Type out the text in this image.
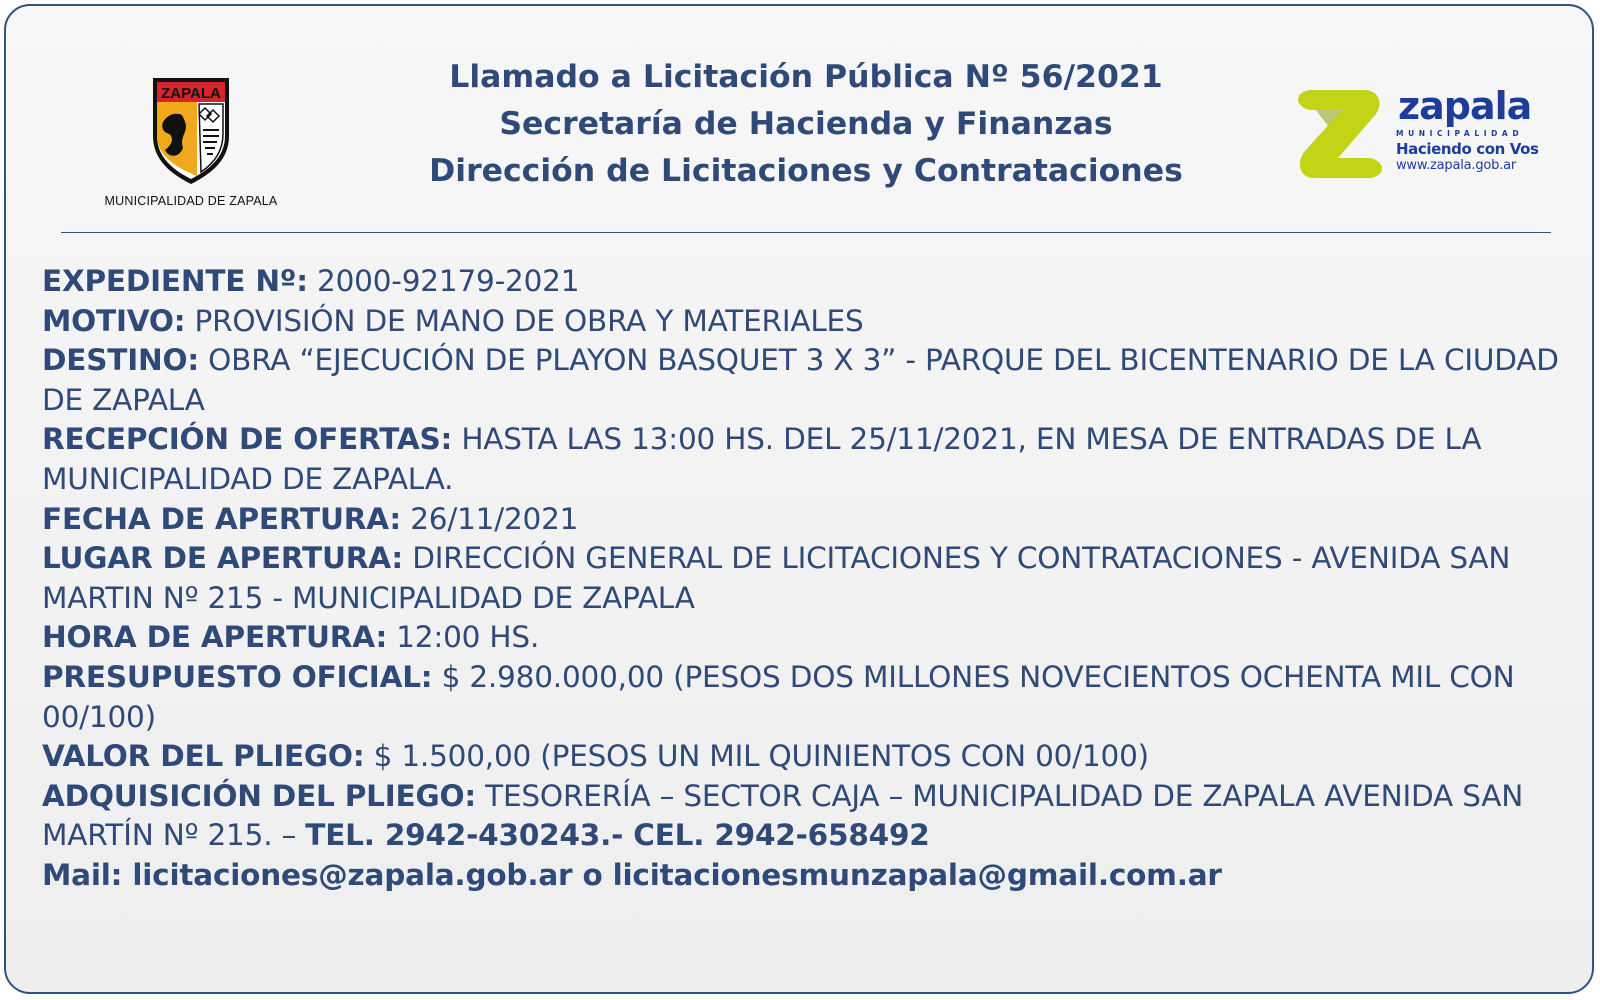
ZAPALA
MUNICIPALIDAD DE ZAPALA
Llamado a Licitación Pública Nº 56/2021
Secretaría de Hacienda y Finanzas
Dirección de Licitaciones y Contrataciones
zapala
MUNICIPALIDAD
Haciendo con Vos
www.zapala.gob.ar

EXPEDIENTE Nº: 2000-92179-2021

MOTIVO: PROVISIÓN DE MANO DE OBRA Y MATERIALES

DESTINO: OBRA “EJECUCIÓN DE PLAYON BASQUET 3 X 3” - PARQUE DEL BICENTENARIO DE LA CIUDAD DE ZAPALA

RECEPCIÓN DE OFERTAS: HASTA LAS 13:00 HS. DEL 25/11/2021, EN MESA DE ENTRADAS DE LA MUNICIPALIDAD DE ZAPALA.

FECHA DE APERTURA: 26/11/2021

LUGAR DE APERTURA: DIRECCIÓN GENERAL DE LICITACIONES Y CONTRATACIONES - AVENIDA SAN MARTIN Nº 215 - MUNICIPALIDAD DE ZAPALA

HORA DE APERTURA: 12:00 HS.

PRESUPUESTO OFICIAL: $ 2.980.000,00 (PESOS DOS MILLONES NOVECIENTOS OCHENTA MIL CON 00/100)

VALOR DEL PLIEGO: $ 1.500,00 (PESOS UN MIL QUINIENTOS CON 00/100)

ADQUISICIÓN DEL PLIEGO: TESORERÍA – SECTOR CAJA – MUNICIPALIDAD DE ZAPALA AVENIDA SAN MARTÍN Nº 215. – TEL. 2942-430243.- CEL. 2942-658492

Mail: licitaciones@zapala.gob.ar o licitacionesmunzapala@gmail.com.ar
